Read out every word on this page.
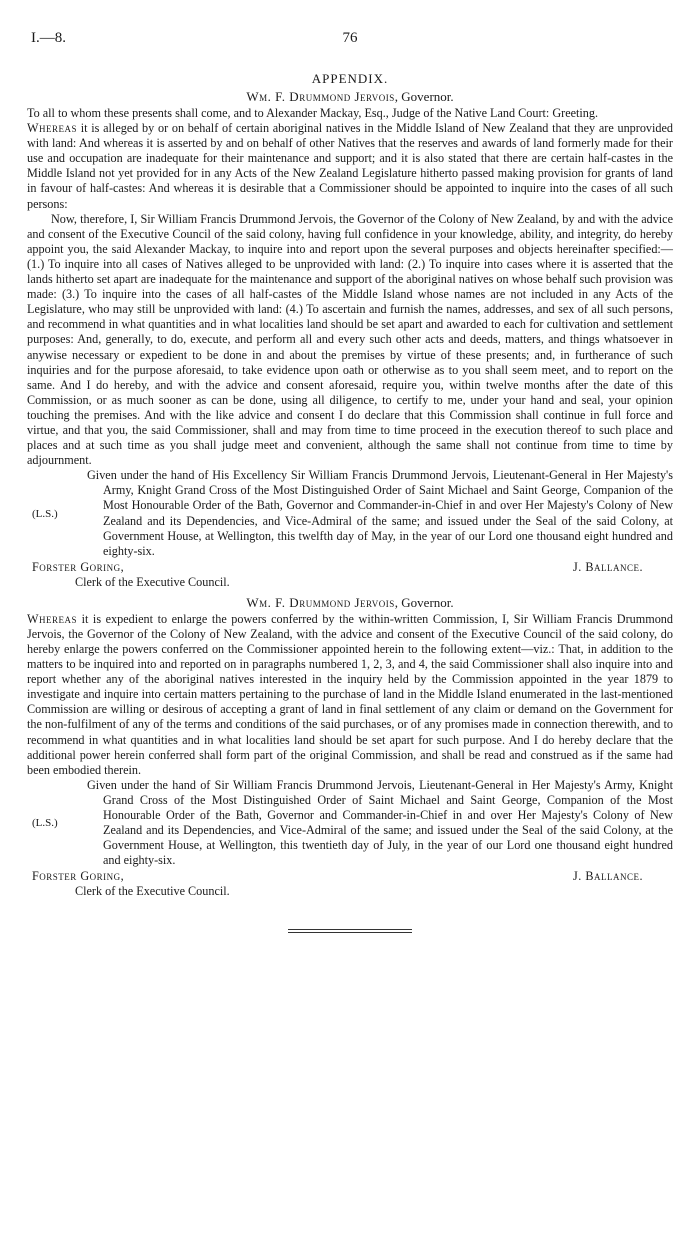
I.—8.	76
APPENDIX.
Wm. F. Drummond Jervois, Governor.

To all to whom these presents shall come, and to Alexander Mackay, Esq., Judge of the Native Land Court: Greeting.

Whereas it is alleged by or on behalf of certain aboriginal natives in the Middle Island of New Zealand that they are unprovided with land: And whereas it is asserted by and on behalf of other Natives that the reserves and awards of land formerly made for their use and occupation are inadequate for their maintenance and support; and it is also stated that there are certain half-castes in the Middle Island not yet provided for in any Acts of the New Zealand Legislature hitherto passed making provision for grants of land in favour of half-castes: And whereas it is desirable that a Commissioner should be appointed to inquire into the cases of all such persons:

Now, therefore, I, Sir William Francis Drummond Jervois, the Governor of the Colony of New Zealand, by and with the advice and consent of the Executive Council of the said colony, having full confidence in your knowledge, ability, and integrity, do hereby appoint you, the said Alexander Mackay, to inquire into and report upon the several purposes and objects hereinafter specified:—(1.) To inquire into all cases of Natives alleged to be unprovided with land: (2.) To inquire into cases where it is asserted that the lands hitherto set apart are inadequate for the maintenance and support of the aboriginal natives on whose behalf such provision was made: (3.) To inquire into the cases of all half-castes of the Middle Island whose names are not included in any Acts of the Legislature, who may still be unprovided with land: (4.) To ascertain and furnish the names, addresses, and sex of all such persons, and recommend in what quantities and in what localities land should be set apart and awarded to each for cultivation and settlement purposes: And, generally, to do, execute, and perform all and every such other acts and deeds, matters, and things whatsoever in anywise necessary or expedient to be done in and about the premises by virtue of these presents; and, in furtherance of such inquiries and for the purpose aforesaid, to take evidence upon oath or otherwise as to you shall seem meet, and to report on the same. And I do hereby, and with the advice and consent aforesaid, require you, within twelve months after the date of this Commission, or as much sooner as can be done, using all diligence, to certify to me, under your hand and seal, your opinion touching the premises. And with the like advice and consent I do declare that this Commission shall continue in full force and virtue, and that you, the said Commissioner, shall and may from time to time proceed in the execution thereof to such place and places and at such time as you shall judge meet and convenient, although the same shall not continue from time to time by adjournment.

(L.S.)

Given under the hand of His Excellency Sir William Francis Drummond Jervois, Lieutenant-General in Her Majesty's Army, Knight Grand Cross of the Most Distinguished Order of Saint Michael and Saint George, Companion of the Most Honourable Order of the Bath, Governor and Commander-in-Chief in and over Her Majesty's Colony of New Zealand and its Dependencies, and Vice-Admiral of the same; and issued under the Seal of the said Colony, at Government House, at Wellington, this twelfth day of May, in the year of our Lord one thousand eight hundred and eighty-six.

Forster Goring,	J. Ballance.
Clerk of the Executive Council.
Wm. F. Drummond Jervois, Governor.

Whereas it is expedient to enlarge the powers conferred by the within-written Commission, I, Sir William Francis Drummond Jervois, the Governor of the Colony of New Zealand, with the advice and consent of the Executive Council of the said colony, do hereby enlarge the powers conferred on the Commissioner appointed herein to the following extent—viz.: That, in addition to the matters to be inquired into and reported on in paragraphs numbered 1, 2, 3, and 4, the said Commissioner shall also inquire into and report whether any of the aboriginal natives interested in the inquiry held by the Commission appointed in the year 1879 to investigate and inquire into certain matters pertaining to the purchase of land in the Middle Island enumerated in the last-mentioned Commission are willing or desirous of accepting a grant of land in final settlement of any claim or demand on the Government for the non-fulfilment of any of the terms and conditions of the said purchases, or of any promises made in connection therewith, and to recommend in what quantities and in what localities land should be set apart for such purpose. And I do hereby declare that the additional power herein conferred shall form part of the original Commission, and shall be read and construed as if the same had been embodied therein.

(L.S.)

Given under the hand of Sir William Francis Drummond Jervois, Lieutenant-General in Her Majesty's Army, Knight Grand Cross of the Most Distinguished Order of Saint Michael and Saint George, Companion of the Most Honourable Order of the Bath, Governor and Commander-in-Chief in and over Her Majesty's Colony of New Zealand and its Dependencies, and Vice-Admiral of the same; and issued under the Seal of the said Colony, at the Government House, at Wellington, this twentieth day of July, in the year of our Lord one thousand eight hundred and eighty-six.

Forster Goring,	J. Ballance.
Clerk of the Executive Council.
